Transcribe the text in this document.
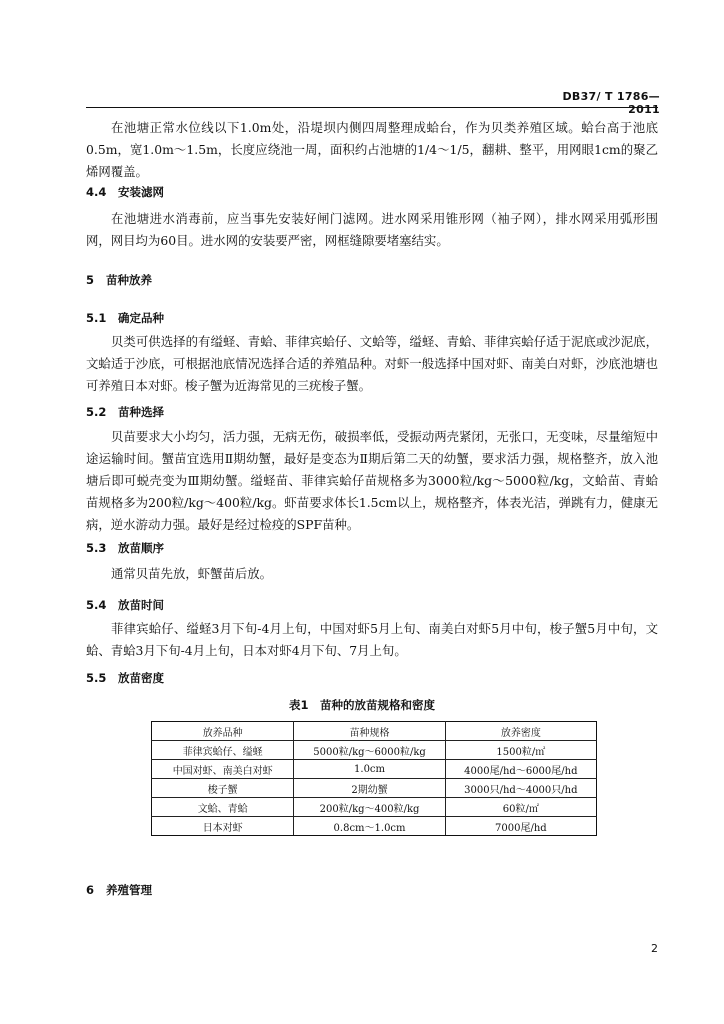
DB37/ T 1786—2011

在池塘正常水位线以下1.0m处，沿堤坝内侧四周整理成蛤台，作为贝类养殖区域。蛤台高于池底0.5m，宽1.0m～1.5m，长度应绕池一周，面积约占池塘的1/4～1/5，翻耕、整平，用网眼1cm的聚乙烯网覆盖。

4.4 安装滤网

在池塘进水消毒前，应当事先安装好闸门滤网。进水网采用锥形网（袖子网），排水网采用弧形围网，网目均为60目。进水网的安装要严密，网框缝隙要堵塞结实。

5 苗种放养
5.1 确定品种

贝类可供选择的有缢蛏、青蛤、菲律宾蛤仔、文蛤等，缢蛏、青蛤、菲律宾蛤仔适于泥底或沙泥底，文蛤适于沙底，可根据池底情况选择合适的养殖品种。对虾一般选择中国对虾、南美白对虾，沙底池塘也可养殖日本对虾。梭子蟹为近海常见的三疣梭子蟹。

5.2 苗种选择

贝苗要求大小均匀，活力强，无病无伤，破损率低，受振动两壳紧闭，无张口，无变味，尽量缩短中途运输时间。蟹苗宜选用Ⅱ期幼蟹，最好是变态为Ⅱ期后第二天的幼蟹，要求活力强，规格整齐，放入池塘后即可蜕壳变为Ⅲ期幼蟹。缢蛏苗、菲律宾蛤仔苗规格多为3000粒/kg～5000粒/kg，文蛤苗、青蛤苗规格多为200粒/kg～400粒/kg。虾苗要求体长1.5cm以上，规格整齐，体表光洁，弹跳有力，健康无病，逆水游动力强。最好是经过检疫的SPF苗种。

5.3 放苗顺序

通常贝苗先放，虾蟹苗后放。

5.4 放苗时间

菲律宾蛤仔、缢蛏3月下旬-4月上旬，中国对虾5月上旬、南美白对虾5月中旬，梭子蟹5月中旬，文蛤、青蛤3月下旬-4月上旬，日本对虾4月下旬、7月上旬。

5.5 放苗密度
表1　苗种的放苗规格和密度
放养品种	苗种规格	放养密度
菲律宾蛤仔、缢蛏	5000粒/kg～6000粒/kg	1500粒/㎡
中国对虾、南美白对虾	1.0cm	4000尾/hd～6000尾/hd
梭子蟹	2期幼蟹	3000只/hd～4000只/hd
文蛤、青蛤	200粒/kg～400粒/kg	60粒/㎡
日本对虾	0.8cm～1.0cm	7000尾/hd
6 养殖管理
2
